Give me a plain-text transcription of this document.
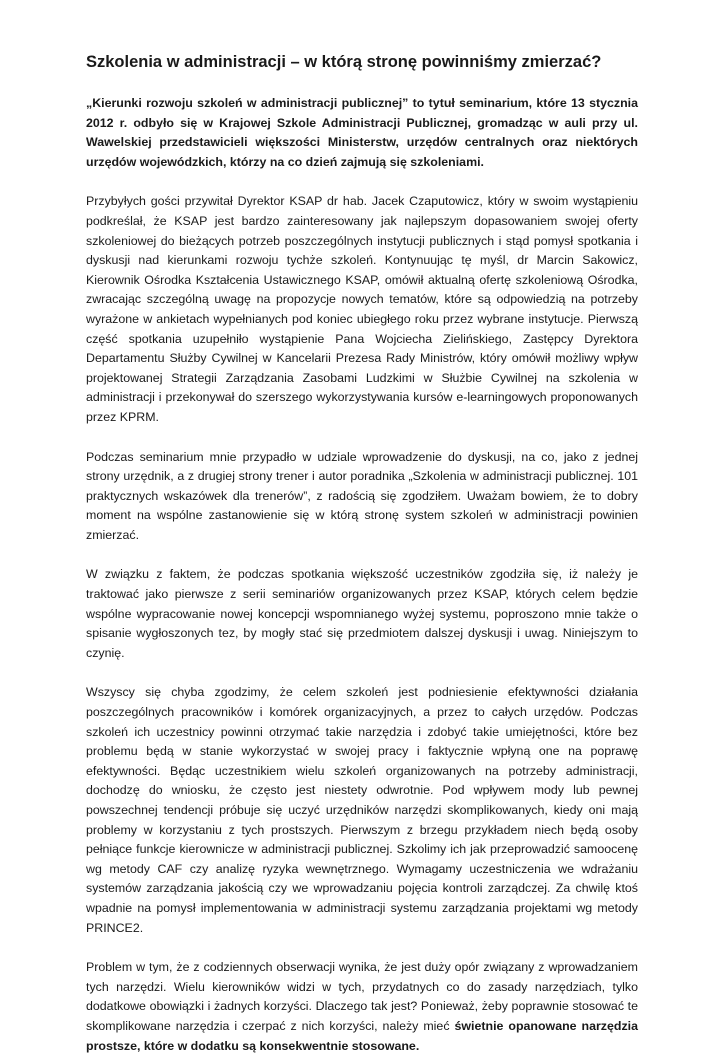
Szkolenia w administracji – w którą stronę powinniśmy zmierzać?

„Kierunki rozwoju szkoleń w administracji publicznej” to tytuł seminarium, które 13 stycznia 2012 r. odbyło się w Krajowej Szkole Administracji Publicznej, gromadząc w auli przy ul. Wawelskiej przedstawicieli większości Ministerstw, urzędów centralnych oraz niektórych urzędów wojewódzkich, którzy na co dzień zajmują się szkoleniami.

Przybyłych gości przywitał Dyrektor KSAP dr hab. Jacek Czaputowicz, który w swoim wystąpieniu podkreślał, że KSAP jest bardzo zainteresowany jak najlepszym dopasowaniem swojej oferty szkoleniowej do bieżących potrzeb poszczególnych instytucji publicznych i stąd pomysł spotkania i dyskusji nad kierunkami rozwoju tychże szkoleń. Kontynuując tę myśl, dr Marcin Sakowicz, Kierownik Ośrodka Kształcenia Ustawicznego KSAP, omówił aktualną ofertę szkoleniową Ośrodka, zwracając szczególną uwagę na propozycje nowych tematów, które są odpowiedzią na potrzeby wyrażone w ankietach wypełnianych pod koniec ubiegłego roku przez wybrane instytucje. Pierwszą część spotkania uzupełniło wystąpienie Pana Wojciecha Zielińskiego, Zastępcy Dyrektora Departamentu Służby Cywilnej w Kancelarii Prezesa Rady Ministrów, który omówił możliwy wpływ projektowanej Strategii Zarządzania Zasobami Ludzkimi w Służbie Cywilnej na szkolenia w administracji i przekonywał do szerszego wykorzystywania kursów e-learningowych proponowanych przez KPRM.

Podczas seminarium mnie przypadło w udziale wprowadzenie do dyskusji, na co, jako z jednej strony urzędnik, a z drugiej strony trener i autor poradnika „Szkolenia w administracji publicznej. 101 praktycznych wskazówek dla trenerów”, z radością się zgodziłem. Uważam bowiem, że to dobry moment na wspólne zastanowienie się w którą stronę system szkoleń w administracji powinien zmierzać.

W związku z faktem, że podczas spotkania większość uczestników zgodziła się, iż należy je traktować jako pierwsze z serii seminariów organizowanych przez KSAP, których celem będzie wspólne wypracowanie nowej koncepcji wspomnianego wyżej systemu, poproszono mnie także o spisanie wygłoszonych tez, by mogły stać się przedmiotem dalszej dyskusji i uwag. Niniejszym to czynię.

Wszyscy się chyba zgodzimy, że celem szkoleń jest podniesienie efektywności działania poszczególnych pracowników i komórek organizacyjnych, a przez to całych urzędów. Podczas szkoleń ich uczestnicy powinni otrzymać takie narzędzia i zdobyć takie umiejętności, które bez problemu będą w stanie wykorzystać w swojej pracy i faktycznie wpłyną one na poprawę efektywności. Będąc uczestnikiem wielu szkoleń organizowanych na potrzeby administracji, dochodzę do wniosku, że często jest niestety odwrotnie. Pod wpływem mody lub pewnej powszechnej tendencji próbuje się uczyć urzędników narzędzi skomplikowanych, kiedy oni mają problemy w korzystaniu z tych prostszych. Pierwszym z brzegu przykładem niech będą osoby pełniące funkcje kierownicze w administracji publicznej. Szkolimy ich jak przeprowadzić samoocenę wg metody CAF czy analizę ryzyka wewnętrznego. Wymagamy uczestniczenia we wdrażaniu systemów zarządzania jakością czy we wprowadzaniu pojęcia kontroli zarządczej. Za chwilę ktoś wpadnie na pomysł implementowania w administracji systemu zarządzania projektami wg metody PRINCE2.

Problem w tym, że z codziennych obserwacji wynika, że jest duży opór związany z wprowadzaniem tych narzędzi. Wielu kierowników widzi w tych, przydatnych co do zasady narzędziach, tylko dodatkowe obowiązki i żadnych korzyści. Dlaczego tak jest? Ponieważ, żeby poprawnie stosować te skomplikowane narzędzia i czerpać z nich korzyści, należy mieć świetnie opanowane narzędzia prostsze, które w dodatku są konsekwentnie stosowane.
